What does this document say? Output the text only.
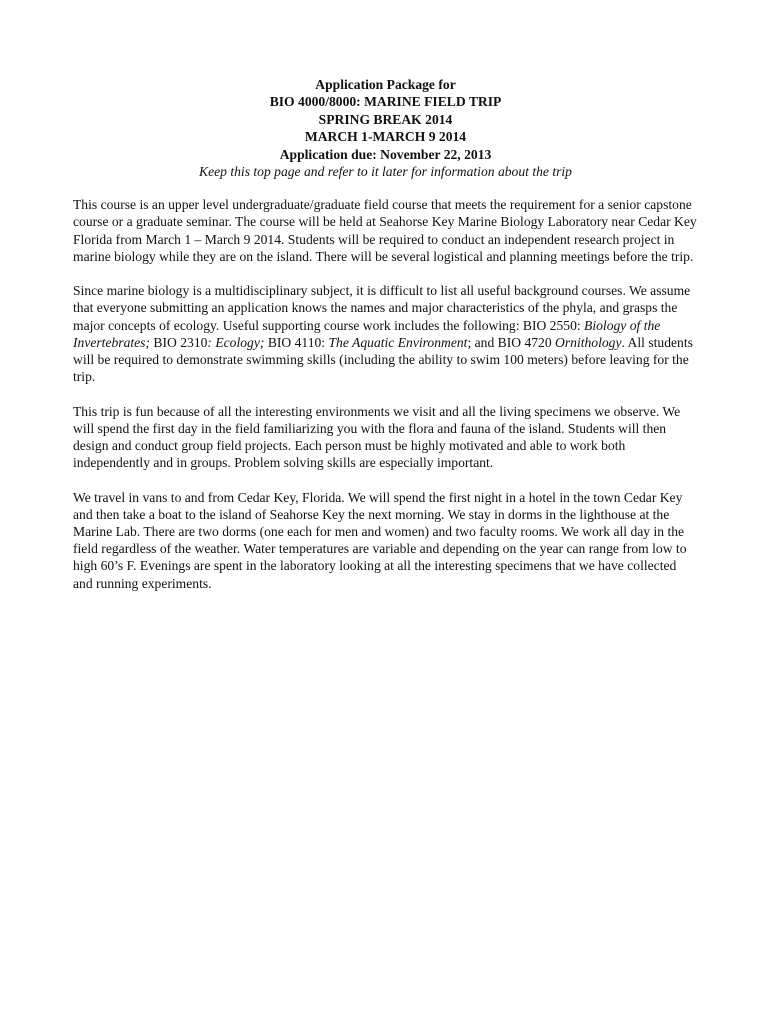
Application Package for
BIO 4000/8000: MARINE FIELD TRIP
SPRING BREAK 2014
MARCH 1-MARCH 9 2014
Application due: November 22, 2013
Keep this top page and refer to it later for information about the trip

This course is an upper level undergraduate/graduate field course that meets the requirement for a senior capstone course or a graduate seminar. The course will be held at Seahorse Key Marine Biology Laboratory near Cedar Key Florida from March 1 – March 9 2014. Students will be required to conduct an independent research project in marine biology while they are on the island. There will be several logistical and planning meetings before the trip.

Since marine biology is a multidisciplinary subject, it is difficult to list all useful background courses. We assume that everyone submitting an application knows the names and major characteristics of the phyla, and grasps the major concepts of ecology. Useful supporting course work includes the following: BIO 2550: Biology of the Invertebrates; BIO 2310: Ecology; BIO 4110: The Aquatic Environment; and BIO 4720 Ornithology. All students will be required to demonstrate swimming skills (including the ability to swim 100 meters) before leaving for the trip.

This trip is fun because of all the interesting environments we visit and all the living specimens we observe. We will spend the first day in the field familiarizing you with the flora and fauna of the island. Students will then design and conduct group field projects. Each person must be highly motivated and able to work both independently and in groups. Problem solving skills are especially important.

We travel in vans to and from Cedar Key, Florida. We will spend the first night in a hotel in the town Cedar Key and then take a boat to the island of Seahorse Key the next morning. We stay in dorms in the lighthouse at the Marine Lab. There are two dorms (one each for men and women) and two faculty rooms. We work all day in the field regardless of the weather. Water temperatures are variable and depending on the year can range from low to high 60’s F. Evenings are spent in the laboratory looking at all the interesting specimens that we have collected and running experiments.
